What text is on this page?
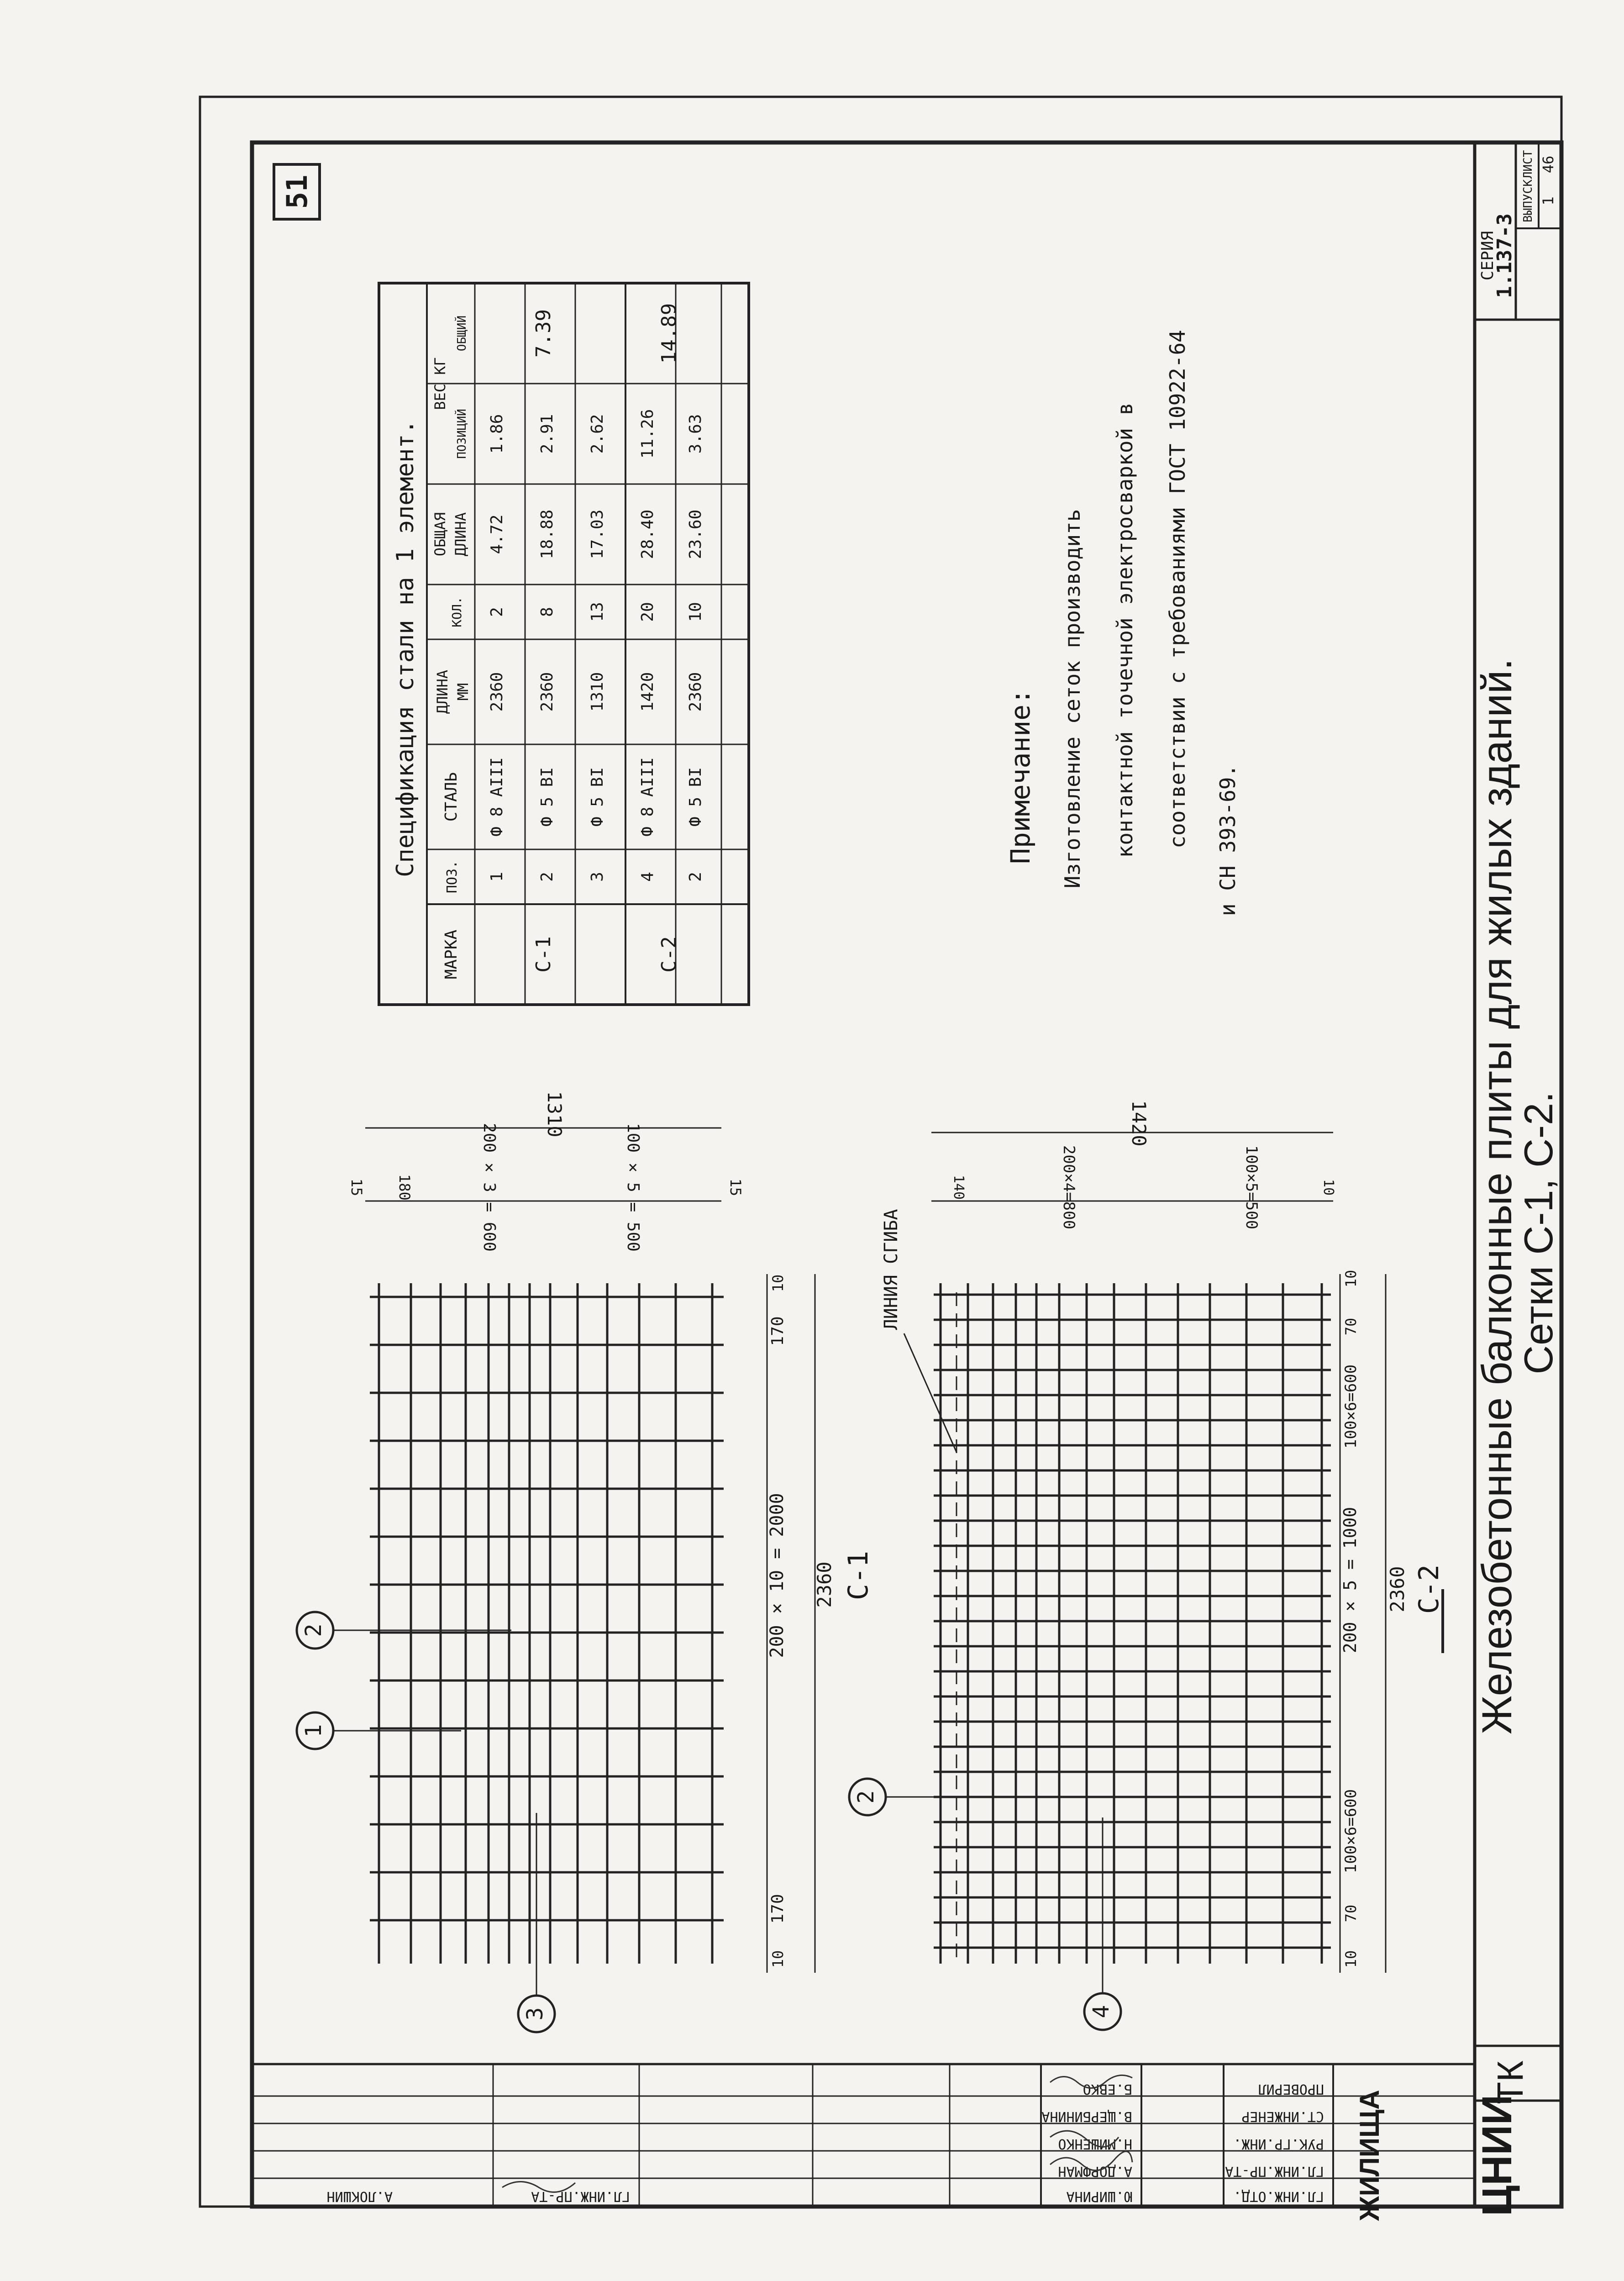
51
СЕРИЯ
1.137-3
ВЫПУСК 1
ЛИСТ 46
Железобетонные балконные плиты для жилых зданий.
Сетки С-1, С-2.
ТК
ЦНИИ
ЖИЛИЩА
ГЛ.ИНЖ.ОТД.
Ю.ШИРИНА
ГЛ.ИНЖ.ПР-ТА
А.ДОРФМАН
РУК.ГР.ИНЖ.
Н.МИШЕНКО
СТ.ИНЖЕНЕР
В.ЩЕРБИНИНА
ПРОВЕРИЛ
Б.ЕВКО
ГЛ.ИНЖ.ПР-ТА
А.ЛОКШИН
Спецификация стали на 1 элемент.
МАРКА
ПОЗ.
СТАЛЬ
ДЛИНА ММ
КОЛ.
ОБЩАЯ ДЛИНА
ВЕС КГ
ПОЗИЦИЙ
ОБЩИЙ
С-1
7.39
1
Ф 8 АIII
2360
2
4.72
1.86
2
Ф 5 ВI
2360
8
18.88
2.91
3
Ф 5 ВI
1310
13
17.03
2.62
С-2
14.89
4
Ф 8 АIII
1420
20
28.40
11.26
2
Ф 5 ВI
2360
10
23.60
3.63
Примечание: Изготовление сеток производить контактной точечной электросваркой в соответствии с требованиями ГОСТ 10922-64 и СН 393-69.
С-1
2360
200 × 10 = 2000
170
170
10
10
1310
100 × 5 = 500
200 × 3 = 600
180
15	15
1
2
3
ЛИНИЯ СГИБА
С-2
2360
200 × 5 = 1000
100×6=600
100×6=600
70
70
10
10
1420
100×5=500
200×4=800
140	10
2
4
